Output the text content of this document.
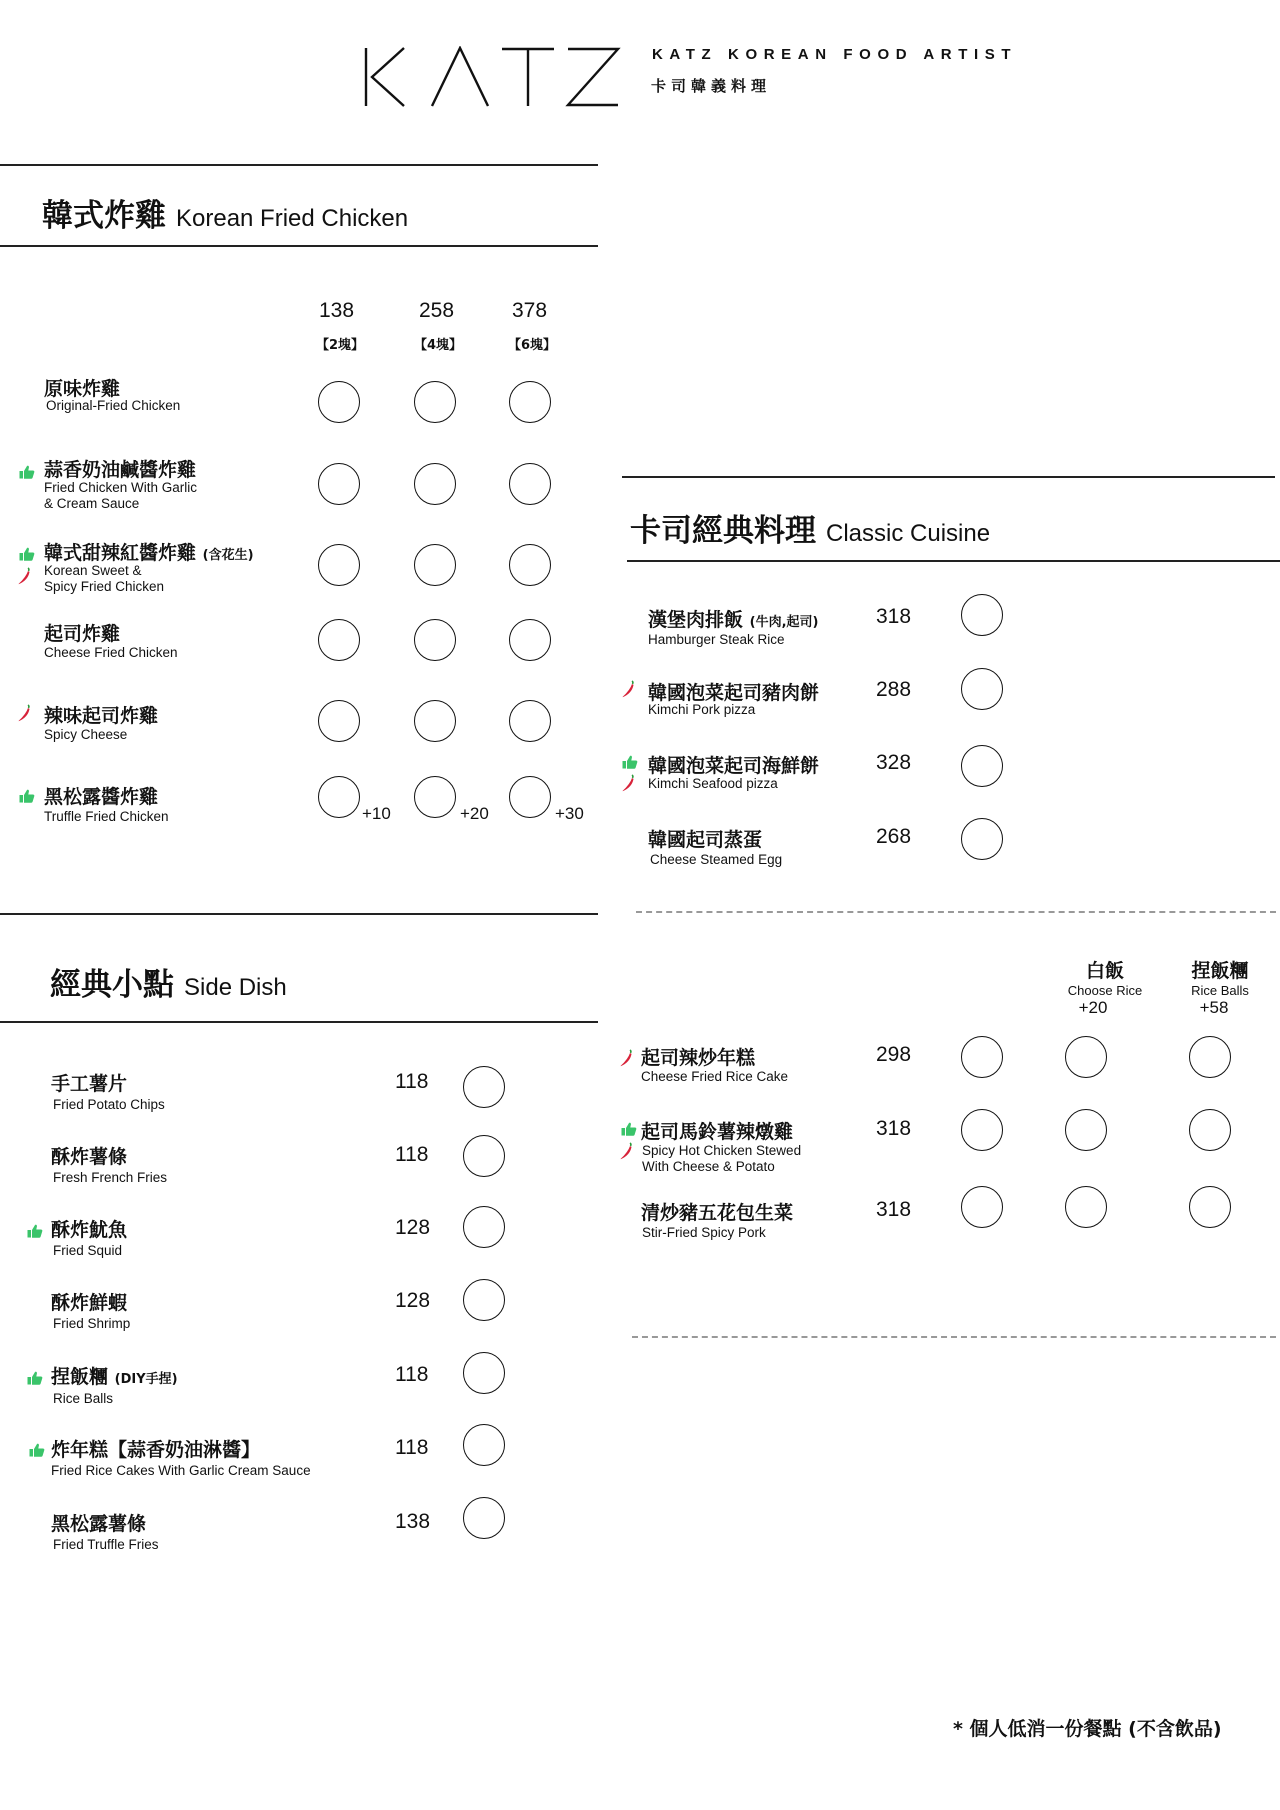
KATZ KOREAN FOOD ARTIST
卡司韓義料理
韓式炸雞 Korean Fried Chicken
138	258	378
【2塊】	【4塊】	【6塊】
原味炸雞
Original-Fried Chicken
蒜香奶油鹹醬炸雞
Fried Chicken With Garlic
& Cream Sauce
韓式甜辣紅醬炸雞 (含花生)
Korean Sweet &
Spicy Fried Chicken
起司炸雞
Cheese Fried Chicken
辣味起司炸雞
Spicy Cheese
黑松露醬炸雞
Truffle Fried Chicken	+10	+20	+30
卡司經典料理 Classic Cuisine
漢堡肉排飯 (牛肉,起司)
Hamburger Steak Rice
318
韓國泡菜起司豬肉餅
Kimchi Pork pizza
288
韓國泡菜起司海鮮餅
Kimchi Seafood pizza
328
韓國起司蒸蛋
Cheese Steamed Egg
268
白飯
Choose Rice
+20
捏飯糰
Rice Balls
+58
起司辣炒年糕
Cheese Fried Rice Cake
298
起司馬鈴薯辣燉雞
Spicy Hot Chicken Stewed
With Cheese & Potato
318
清炒豬五花包生菜
Stir-Fried Spicy Pork
318
經典小點 Side Dish
手工薯片
Fried Potato Chips
118
酥炸薯條
Fresh French Fries
118
酥炸魷魚
Fried Squid
128
酥炸鮮蝦
Fried Shrimp
128
捏飯糰 (DIY手捏)
Rice Balls
118
炸年糕【蒜香奶油淋醬】
Fried Rice Cakes With Garlic Cream Sauce
118
黑松露薯條
Fried Truffle Fries
138
* 個人低消一份餐點 (不含飲品)
